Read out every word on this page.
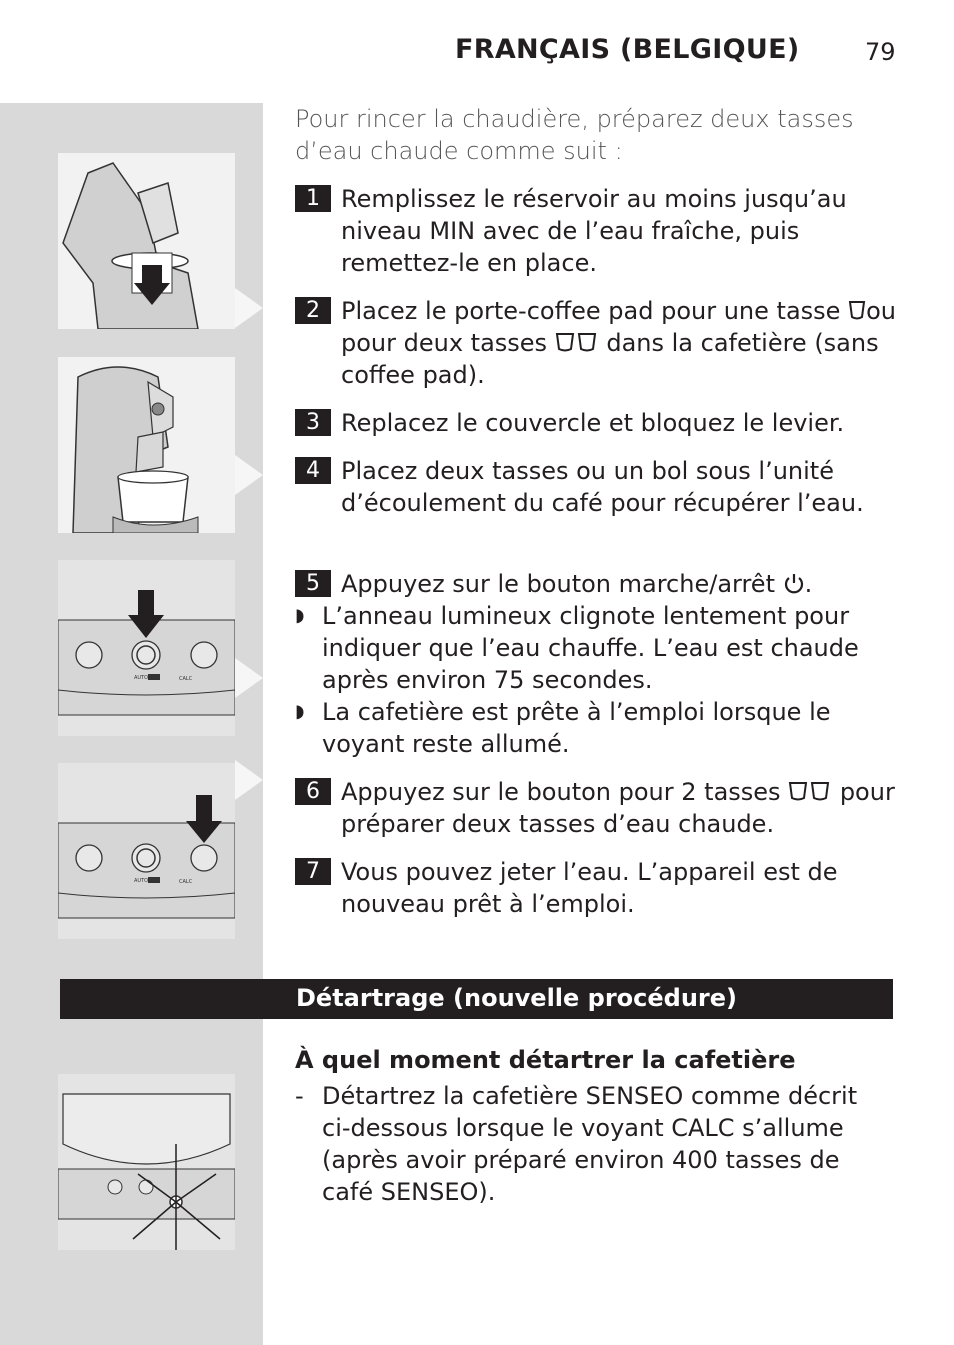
FRANÇAIS (BELGIQUE)	79
AUTO	CALC
AUTO	CALC
Pour rincer la chaudière, préparez deux tasses d’eau chaude comme suit :
1 Remplissez le réservoir au moins jusqu’au niveau MIN avec de l’eau fraîche, puis remettez-le en place.
2 Placez le porte-coffee pad pour une tasse ou pour deux tasses  dans la cafetière (sans coffee pad).
3 Replacez le couvercle et bloquez le levier.
4 Placez deux tasses ou un bol sous l’unité d’écoulement du café pour récupérer l’eau.
5 Appuyez sur le bouton marche/arrêt .
◗ L’anneau lumineux clignote lentement pour indiquer que l’eau chauffe. L’eau est chaude après environ 75 secondes.
◗ La cafetière est prête à l’emploi lorsque le voyant reste allumé.
6 Appuyez sur le bouton pour 2 tasses  pour préparer deux tasses d’eau chaude.
7 Vous pouvez jeter l’eau. L’appareil est de nouveau prêt à l’emploi.
Détartrage (nouvelle procédure)
À quel moment détartrer la cafetière
- Détartrez la cafetière SENSEO comme décrit ci-dessous lorsque le voyant CALC s’allume (après avoir préparé environ 400 tasses de café SENSEO).
